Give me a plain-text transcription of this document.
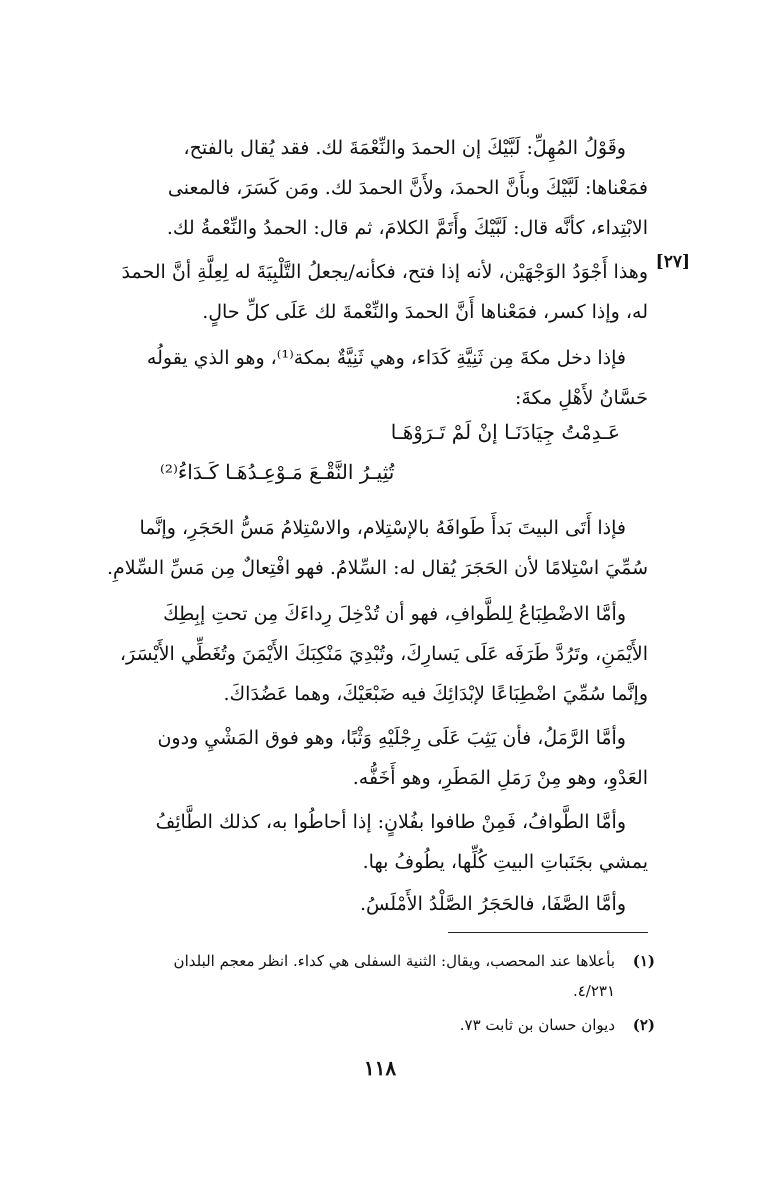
وقَوْلُ المُهِلِّ: لَبَّيْكَ إن الحمدَ والنِّعْمَةَ لك. فقد يُقال بالفتح،
فمَعْناها: لَبَّيْكَ وبأَنَّ الحمدَ، ولأَنَّ الحمدَ لك. ومَن كَسَرَ، فالمعنى
الابْتِداء، كأنَّه قال: لَبَّيْكَ وأَتَمَّ الكلامَ، ثم قال: الحمدُ والنِّعْمةُ لك.
[٢٧]
وهذا أَجْوَدُ الوَجْهَيْن، لأنه إذا فتح، فكأنه/يجعلُ التَّلْبِيَةَ له لِعِلَّةِ أنَّ الحمدَ
له، وإذا كسر، فمَعْناها أَنَّ الحمدَ والنِّعْمةَ لك عَلَى كلِّ حالٍ.
فإذا دخل مكةَ مِن ثَنِيَّةِ كَدَاء، وهي ثَنِيَّةٌ بمكة⁽¹⁾، وهو الذي يقولُه
حَسَّانُ لأَهْلِ مكةَ:
عَـدِمْتُ جِيَادَنَـا إنْ لَمْ تَـرَوْهَـا
تُثِيـرُ النَّقْـعَ مَـوْعِـدُهَـا كَـدَاءُ⁽²⁾
فإذا أَتَى البيتَ بَدأَ طَوافَهُ بالإسْتِلام، والاسْتِلامُ مَسُّ الحَجَرِ، وإنَّما
سُمِّيَ اسْتِلامًا لأن الحَجَرَ يُقال له: السِّلامُ. فهو افْتِعالٌ مِن مَسِّ السِّلامِ.
وأمَّا الاضْطِبَاعُ لِلطَّوافِ، فهو أن تُدْخِلَ رِداءَكَ مِن تحتِ إبِطِكَ
الأَيْمَنِ، وتَرُدَّ طَرَفَه عَلَى يَسارِكَ، وتُبْدِيَ مَنْكِبَكَ الأَيْمَنَ وتُغَطِّي الأَيْسَرَ،
وإنَّما سُمِّيَ اضْطِبَاعًا لإبْدَائِكَ فيه ضَبْعَيْكَ، وهما عَضُدَاكَ.
وأمَّا الرَّمَلُ، فأن يَثِبَ عَلَى رِجْلَيْهِ وَثْبًا، وهو فوق المَشْيِ ودون
العَدْوِ، وهو مِنْ رَمَلِ المَطَرِ، وهو أَخَفُّه.
وأمَّا الطَّوافُ، فَمِنْ طافوا بفُلانٍ: إذا أحاطُوا به، كذلك الطَّائِفُ
يمشي بجَنَباتِ البيتِ كُلِّها، يطُوفُ بها.
وأمَّا الصَّفَا، فالحَجَرُ الصَّلْدُ الأَمْلَسُ.
(١)بأعلاها عند المحصب، ويقال: الثنية السفلى هي كداء. انظر معجم البلدان
٤/٢٣١.
(٢)ديوان حسان بن ثابت ٧٣.
١١٨
